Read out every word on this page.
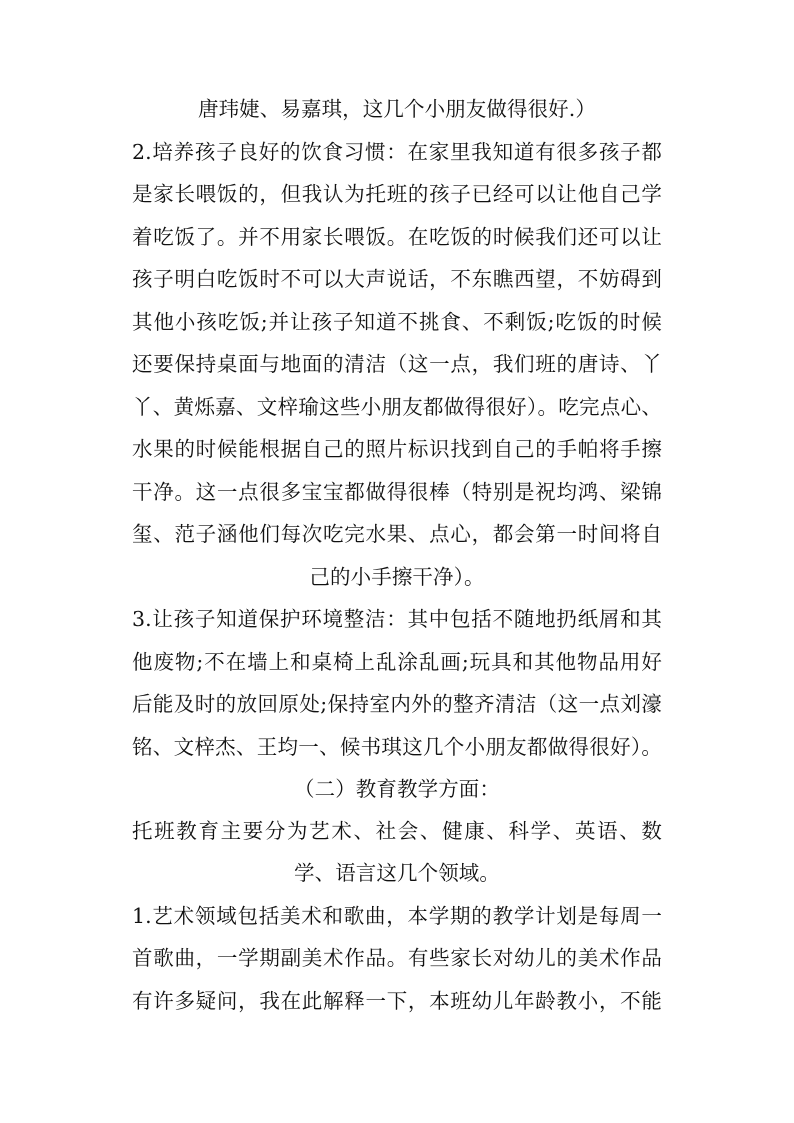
唐玮婕、易嘉琪，这几个小朋友做得很好.）
2.培养孩子良好的饮食习惯：在家里我知道有很多孩子都
是家长喂饭的，但我认为托班的孩子已经可以让他自己学
着吃饭了。并不用家长喂饭。在吃饭的时候我们还可以让
孩子明白吃饭时不可以大声说话，不东瞧西望，不妨碍到
其他小孩吃饭;并让孩子知道不挑食、不剩饭;吃饭的时候
还要保持桌面与地面的清洁（这一点，我们班的唐诗、丫
丫、黄烁嘉、文梓瑜这些小朋友都做得很好）。吃完点心、
水果的时候能根据自己的照片标识找到自己的手帕将手擦
干净。这一点很多宝宝都做得很棒（特别是祝均鸿、梁锦
玺、范子涵他们每次吃完水果、点心，都会第一时间将自
己的小手擦干净）。
3.让孩子知道保护环境整洁：其中包括不随地扔纸屑和其
他废物;不在墙上和桌椅上乱涂乱画;玩具和其他物品用好
后能及时的放回原处;保持室内外的整齐清洁（这一点刘濠
铭、文梓杰、王均一、候书琪这几个小朋友都做得很好）。
（二）教育教学方面：
托班教育主要分为艺术、社会、健康、科学、英语、数
学、语言这几个领域。
1.艺术领域包括美术和歌曲，本学期的教学计划是每周一
首歌曲，一学期副美术作品。有些家长对幼儿的美术作品
有许多疑问，我在此解释一下，本班幼儿年龄教小，不能
